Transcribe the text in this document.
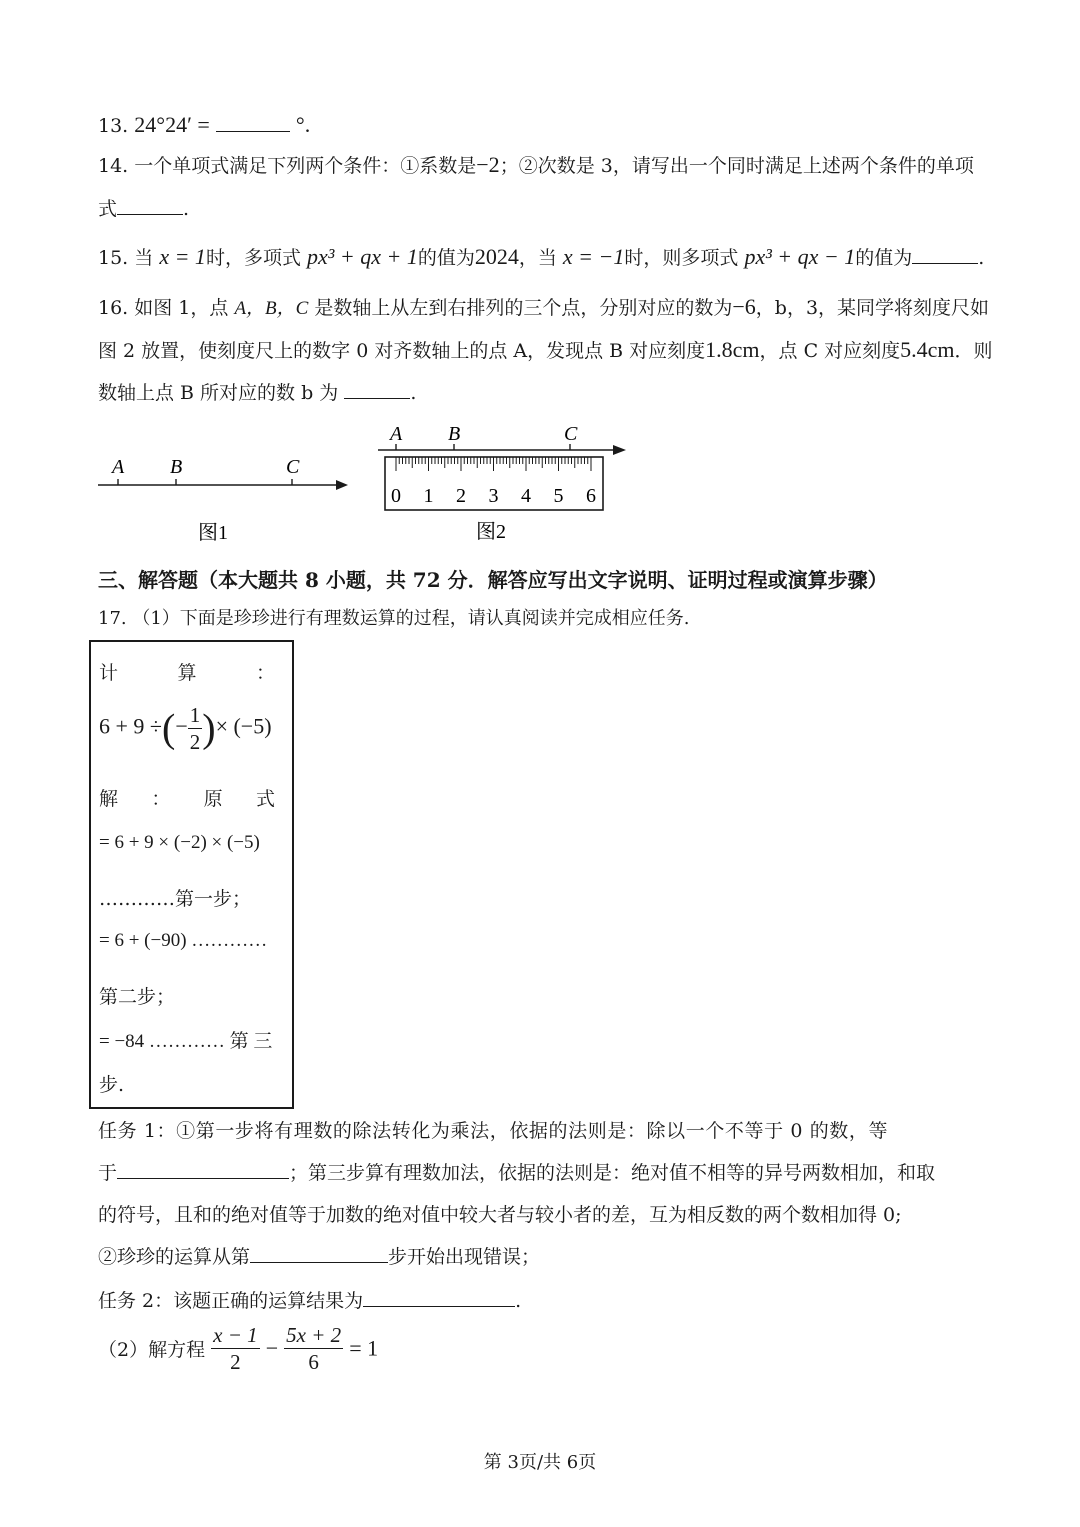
13. 24°24′ =	°.
14. 一个单项式满足下列两个条件：①系数是−2；②次数是 3，请写出一个同时满足上述两个条件的单项
式	.
15. 当 x = 1时，多项式 px³ + qx + 1的值为2024，当 x = −1时，则多项式 px³ + qx − 1的值为	.
16. 如图 1，点 A，B，C 是数轴上从左到右排列的三个点，分别对应的数为−6，b，3，某同学将刻度尺如
图 2 放置，使刻度尺上的数字 0 对齐数轴上的点 A，发现点 B 对应刻度1.8cm，点 C 对应刻度5.4cm．则
数轴上点 B 所对应的数 b 为	.
A B	C
图1
A B	C
0 1 2 3 4 5 6
图2
三、解答题（本大题共 8 小题，共 72 分．解答应写出文字说明、证明过程或演算步骤）
17. （1）下面是珍珍进行有理数运算的过程，请认真阅读并完成相应任务.
计	算	：
6 + 9 ÷(− $\frac{1}{2}$ )× (−5)
解 ： 原 式
= 6 + 9 × (−2) × (−5)
…………第一步；
= 6 + (−90) …………
第二步；
= −84 ………… 第 三
步.
任务 1：①第一步将有理数的除法转化为乘法，依据的法则是：除以一个不等于 0 的数，等
于	；第三步算有理数加法，依据的法则是：绝对值不相等的异号两数相加，和取
的符号，且和的绝对值等于加数的绝对值中较大者与较小者的差，互为相反数的两个数相加得 0;
②珍珍的运算从第	步开始出现错误；
任务 2：该题正确的运算结果为	.
（2）解方程 $\frac{x - 1}{2} - \frac{5x + 2}{6} = 1$
第 3页/共 6页
